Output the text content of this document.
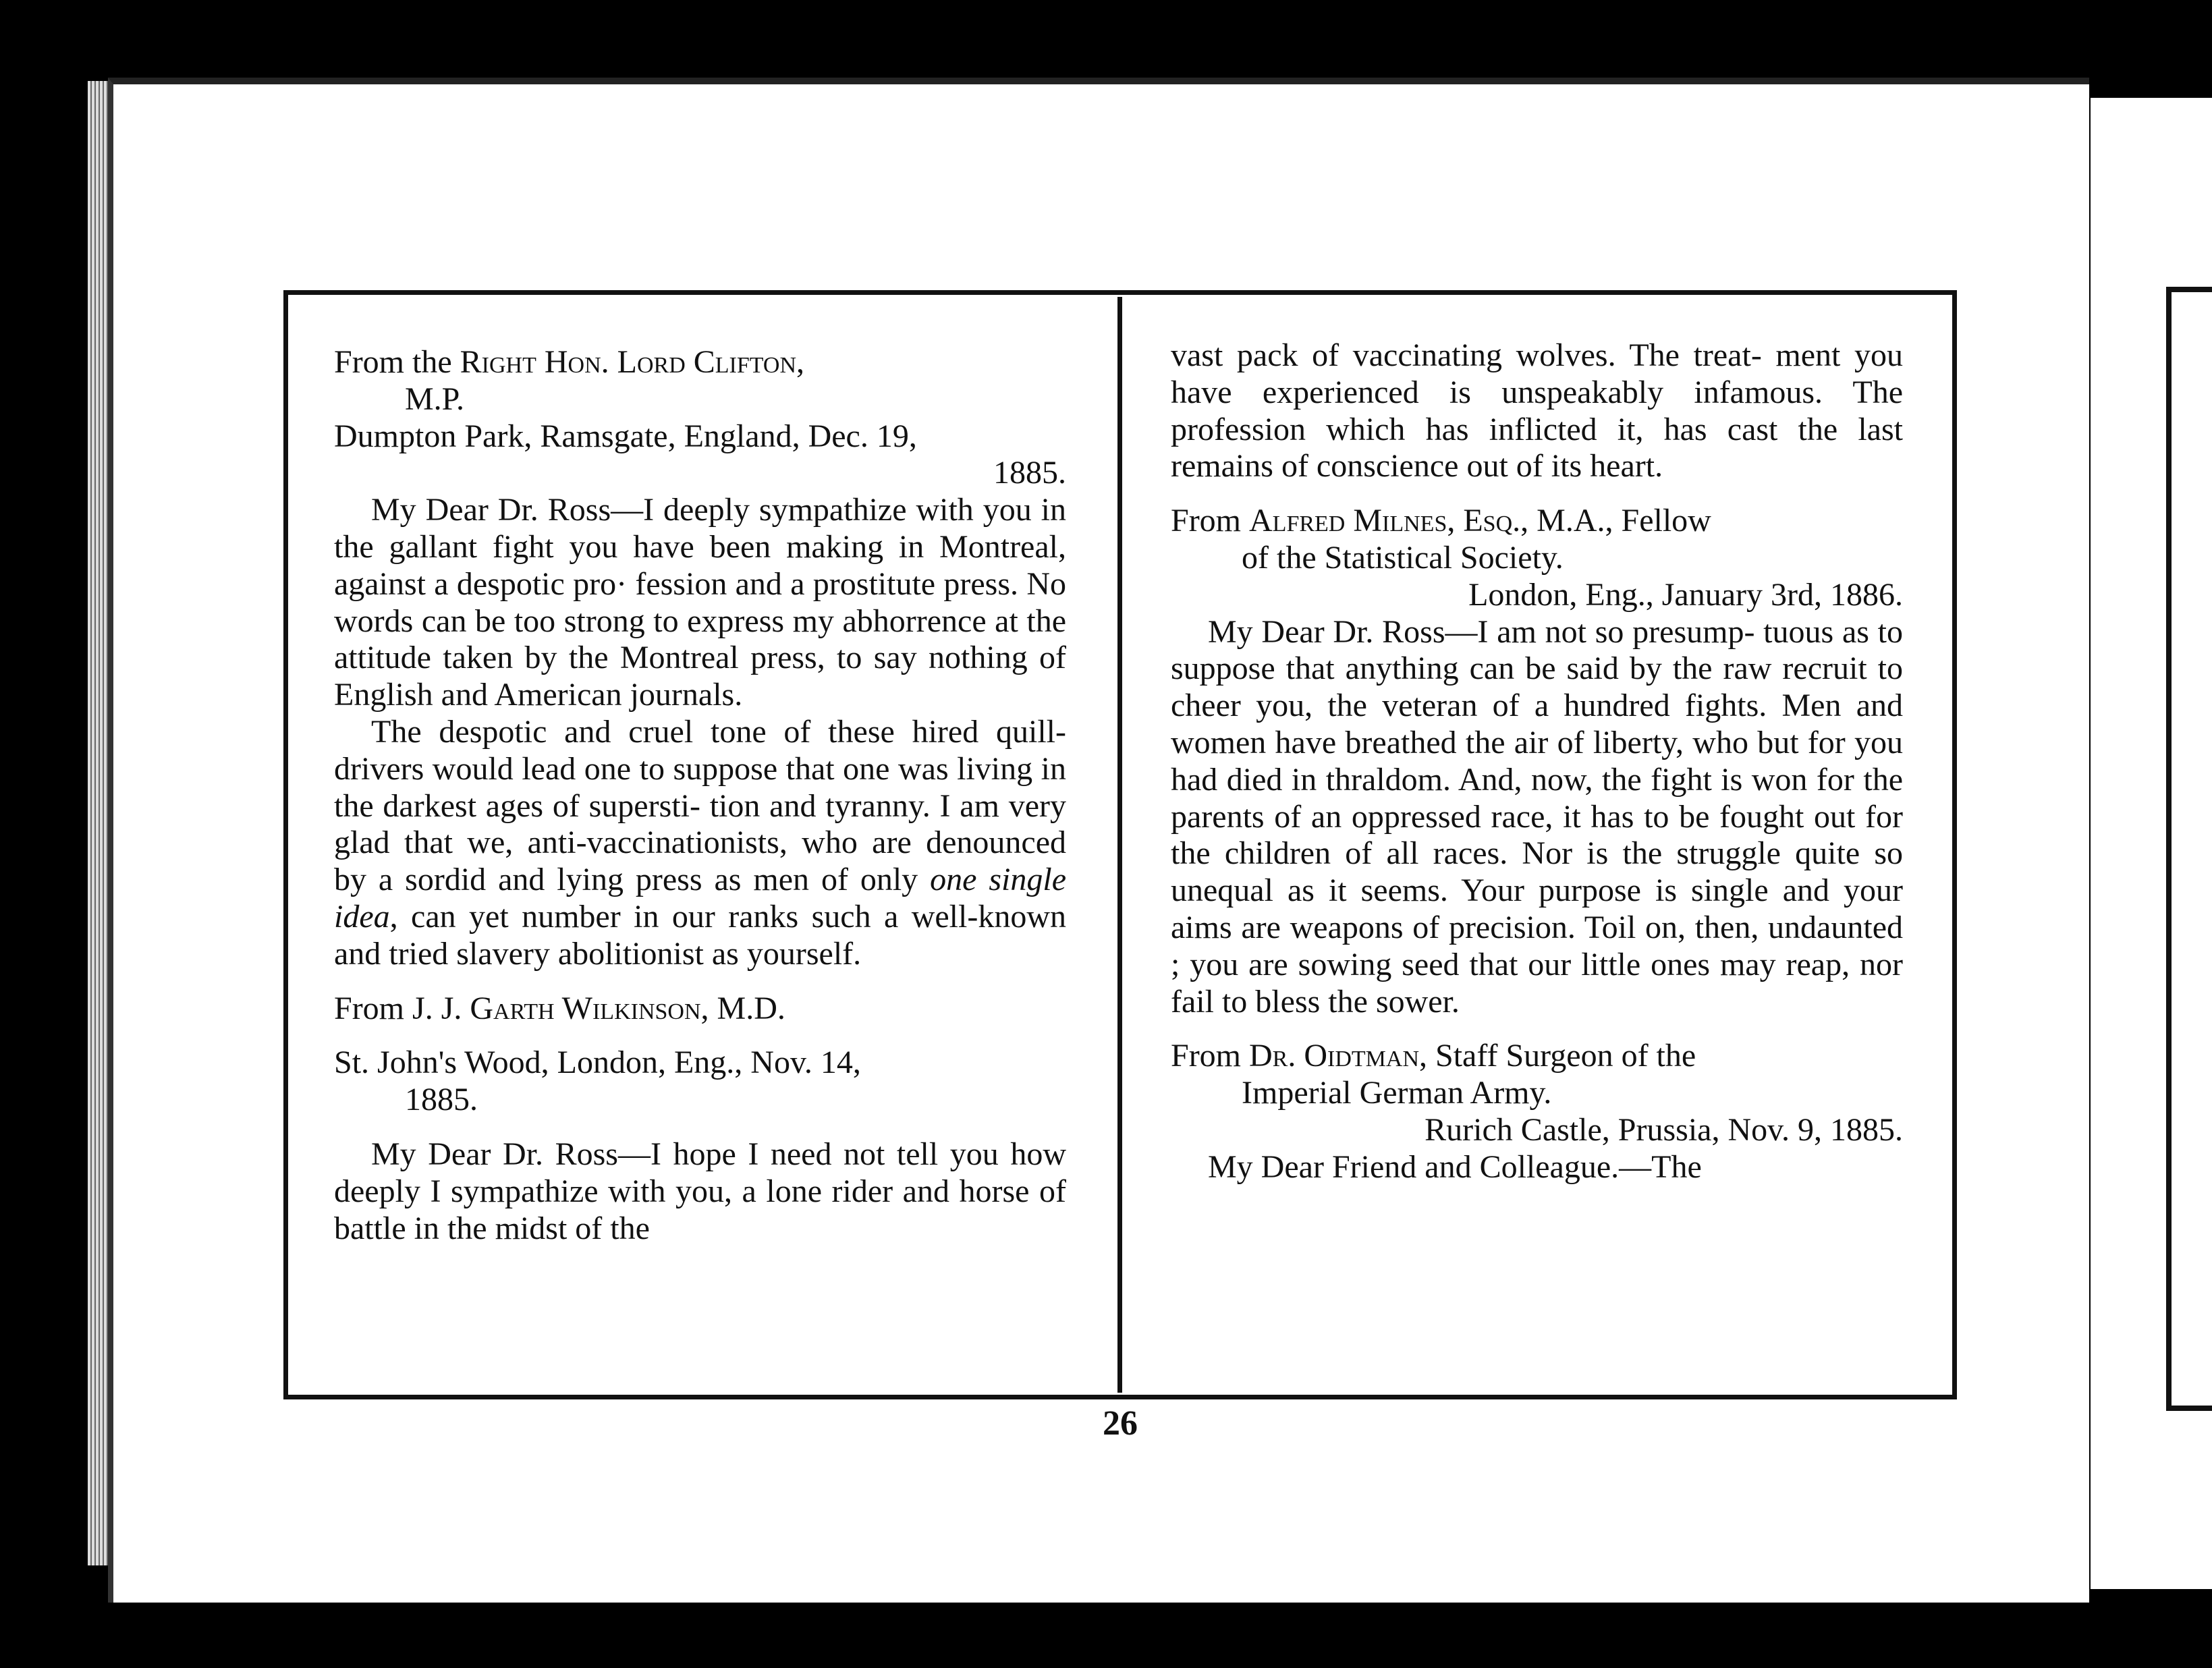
From the Right Hon. Lord Clifton,

M.P.

Dumpton Park, Ramsgate, England, Dec. 19,

1885.

My Dear Dr. Ross—I deeply sympathize with you in the gallant fight you have been making in Montreal, against a despotic pro· fession and a prostitute press. No words can be too strong to express my abhorrence at the attitude taken by the Montreal press, to say nothing of English and American journals.

The despotic and cruel tone of these hired quill-drivers would lead one to suppose that one was living in the darkest ages of supersti- tion and tyranny. I am very glad that we, anti-vaccinationists, who are denounced by a sordid and lying press as men of only one single idea, can yet number in our ranks such a well-known and tried slavery abolitionist as yourself.

From J. J. Garth Wilkinson, M.D.

St. John's Wood, London, Eng., Nov. 14,

1885.

My Dear Dr. Ross—I hope I need not tell you how deeply I sympathize with you, a lone rider and horse of battle in the midst of the

vast pack of vaccinating wolves. The treat- ment you have experienced is unspeakably infamous. The profession which has inflicted it, has cast the last remains of conscience out of its heart.

From Alfred Milnes, Esq., M.A., Fellow

of the Statistical Society.

London, Eng., January 3rd, 1886.

My Dear Dr. Ross—I am not so presump- tuous as to suppose that anything can be said by the raw recruit to cheer you, the veteran of a hundred fights. Men and women have breathed the air of liberty, who but for you had died in thraldom. And, now, the fight is won for the parents of an oppressed race, it has to be fought out for the children of all races. Nor is the struggle quite so unequal as it seems. Your purpose is single and your aims are weapons of precision. Toil on, then, undaunted ; you are sowing seed that our little ones may reap, nor fail to bless the sower.

From Dr. Oidtman, Staff Surgeon of the

Imperial German Army.

Rurich Castle, Prussia, Nov. 9, 1885.

My Dear Friend and Colleague.—The

26
